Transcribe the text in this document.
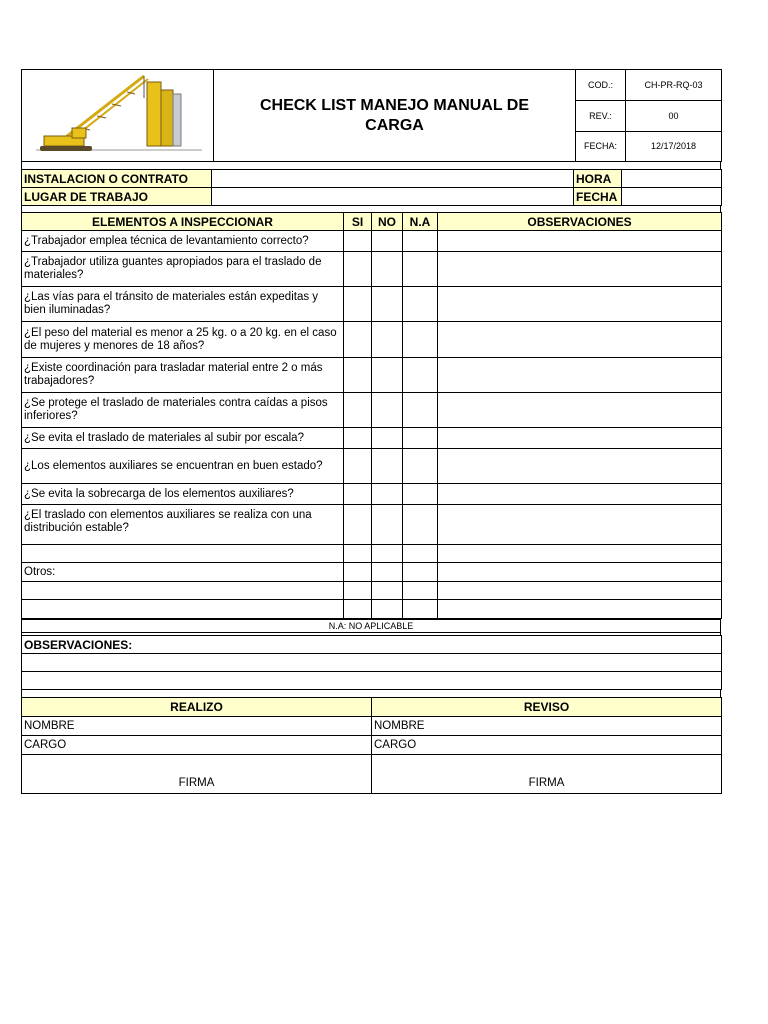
CHECK LIST MANEJO MANUAL DE
CARGA	COD.:	CH-PR-RQ-03
		REV.:	00
		FECHA:	12/17/2018
INSTALACION O CONTRATO		HORA	
LUGAR DE TRABAJO		FECHA	
ELEMENTOS A INSPECCIONAR	SI	NO	N.A	OBSERVACIONES
¿Trabajador emplea técnica de levantamiento correcto?				
¿Trabajador utiliza guantes apropiados para el traslado de materiales?				
¿Las vías para el tránsito de materiales están expeditas y bien iluminadas?				
¿El peso del material es menor a 25 kg. o a 20 kg. en el caso de mujeres y menores de 18 años?				
¿Existe coordinación para trasladar material entre 2 o más trabajadores?				
¿Se protege el traslado de materiales contra caídas a pisos inferiores?				
¿Se evita el traslado de materiales al subir por escala?				
¿Los elementos auxiliares se encuentran en buen estado?				
¿Se evita la sobrecarga de los elementos auxiliares?				
¿El traslado con elementos auxiliares se realiza con una distribución estable?				

Otros:				

N.A: NO APLICABLE
OBSERVACIONES:

REALIZO	REVISO
NOMBRE	NOMBRE
CARGO	CARGO
FIRMA	FIRMA
